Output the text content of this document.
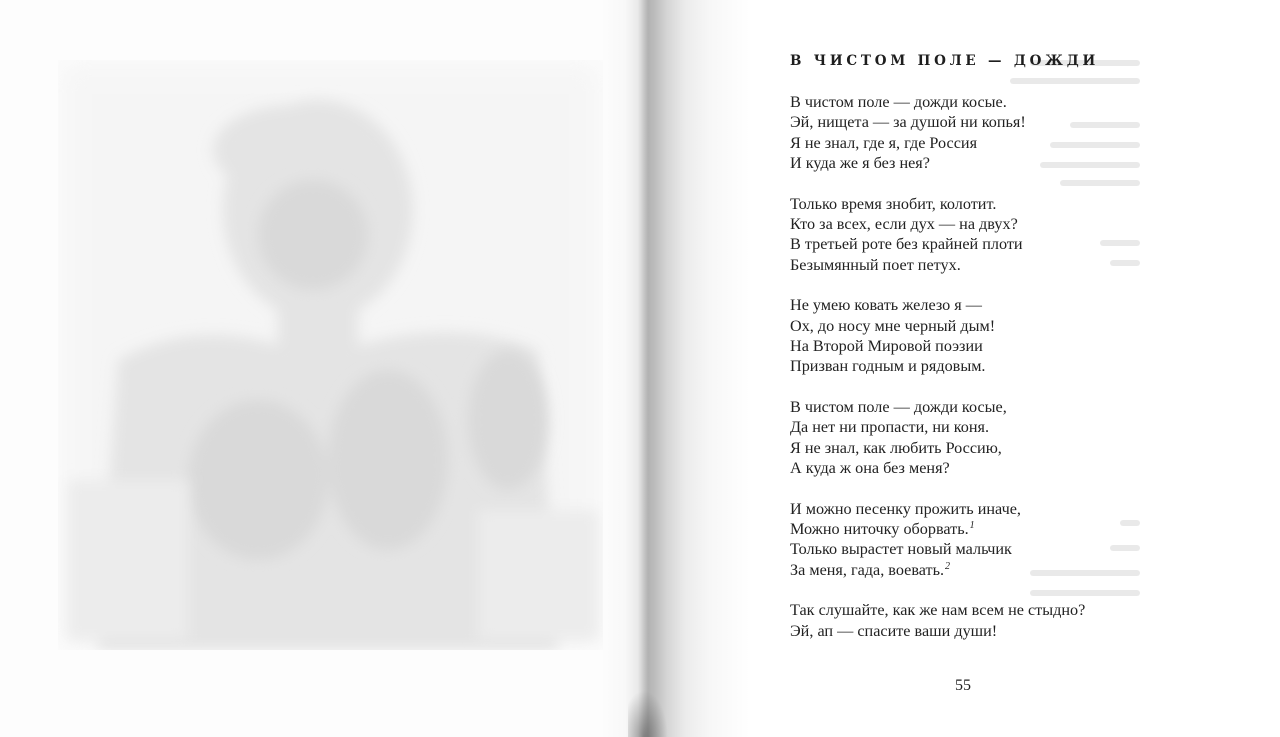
В ЧИСТОМ ПОЛЕ — ДОЖДИ
В чистом поле — дожди косые.
Эй, нищета — за душой ни копья!
Я не знал, где я, где Россия
И куда же я без нея?
Только время знобит, колотит.
Кто за всех, если дух — на двух?
В третьей роте без крайней плоти
Безымянный поет петух.
Не умею ковать железо я —
Ох, до носу мне черный дым!
На Второй Мировой поэзии
Призван годным и рядовым.
В чистом поле — дожди косые,
Да нет ни пропасти, ни коня.
Я не знал, как любить Россию,
А куда ж она без меня?
И можно песенку прожить иначе,
Можно ниточку оборвать.$^1$
Только вырастет новый мальчик
За меня, гада, воевать.$^2$
Так слушайте, как же нам всем не стыдно?
Эй, ап — спасите ваши души!
55
